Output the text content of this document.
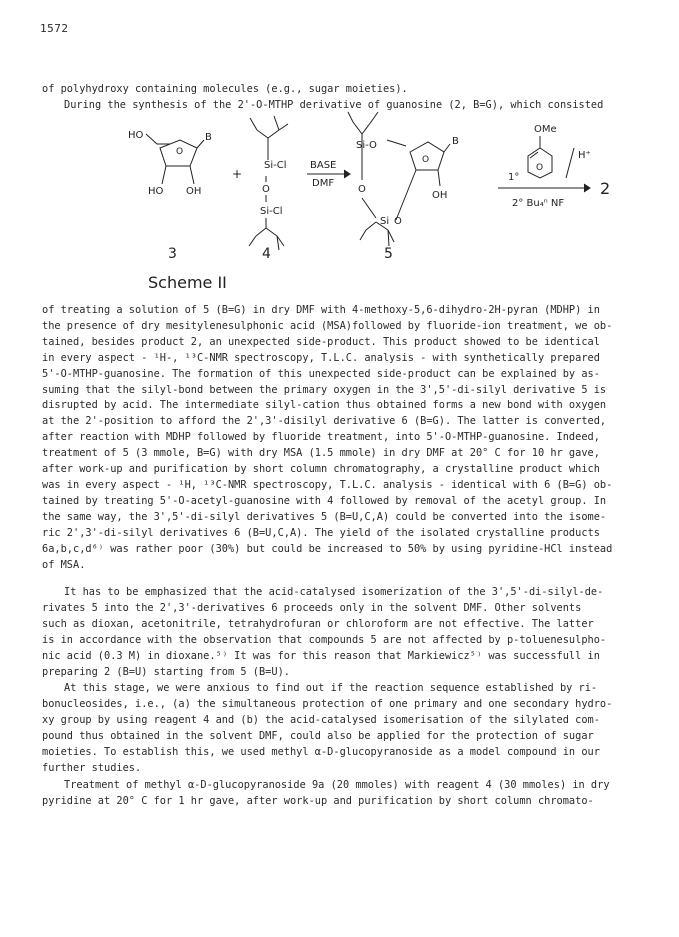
1572
of polyhydroxy containing molecules (e.g., sugar moieties).
During the synthesis of the 2'-O-MTHP derivative of guanosine (2, B=G), which consisted
HO	B
O
HO OH
+
Si-Cl
O
Si-Cl
BASE
DMF
Si-O
O
B
O
Si O
OH
OMe
O
1°
H⁺
2° Bu₄ⁿ NF
2
3	4	5
Scheme II
of treating a solution of 5 (B=G) in dry DMF with 4-methoxy-5,6-dihydro-2H-pyran (MDHP) in
the presence of dry mesitylenesulphonic acid (MSA)followed by fluoride-ion treatment, we ob-
tained, besides product 2, an unexpected side-product. This product showed to be identical
in every aspect - ¹H-, ¹³C-NMR spectroscopy, T.L.C. analysis - with synthetically prepared
5'-O-MTHP-guanosine. The formation of this unexpected side-product can be explained by as-
suming that the silyl-bond between the primary oxygen in the 3',5'-di-silyl derivative 5 is
disrupted by acid. The intermediate silyl-cation thus obtained forms a new bond with oxygen
at the 2'-position to afford the 2',3'-disilyl derivative 6 (B=G). The latter is converted,
after reaction with MDHP followed by fluoride treatment, into 5'-O-MTHP-guanosine. Indeed,
treatment of 5 (3 mmole, B=G) with dry MSA (1.5 mmole) in dry DMF at 20° C for 10 hr gave,
after work-up and purification by short column chromatography, a crystalline product which
was in every aspect - ¹H, ¹³C-NMR spectroscopy, T.L.C. analysis - identical with 6 (B=G) ob-
tained by treating 5'-O-acetyl-guanosine with 4 followed by removal of the acetyl group. In
the same way, the 3',5'-di-silyl derivatives 5 (B=U,C,A) could be converted into the isome-
ric 2',3'-di-silyl derivatives 6 (B=U,C,A). The yield of the isolated crystalline products
6a,b,c,d⁶⁾ was rather poor (30%) but could be increased to 50% by using pyridine-HCl instead
of MSA.
It has to be emphasized that the acid-catalysed isomerization of the 3',5'-di-silyl-de-
rivates 5 into the 2',3'-derivatives 6 proceeds only in the solvent DMF. Other solvents
such as dioxan, acetonitrile, tetrahydrofuran or chloroform are not effective. The latter
is in accordance with the observation that compounds 5 are not affected by p-toluenesulpho-
nic acid (0.3 M) in dioxane.⁵⁾ It was for this reason that Markiewicz⁵⁾ was successfull in
preparing 2 (B=U) starting from 5 (B=U).
At this stage, we were anxious to find out if the reaction sequence established by ri-
bonucleosides, i.e., (a) the simultaneous protection of one primary and one secondary hydro-
xy group by using reagent 4 and (b) the acid-catalysed isomerisation of the silylated com-
pound thus obtained in the solvent DMF, could also be applied for the protection of sugar
moieties. To establish this, we used methyl α-D-glucopyranoside as a model compound in our
further studies.
Treatment of methyl α-D-glucopyranoside 9a (20 mmoles) with reagent 4 (30 mmoles) in dry
pyridine at 20° C for 1 hr gave, after work-up and purification by short column chromato-
